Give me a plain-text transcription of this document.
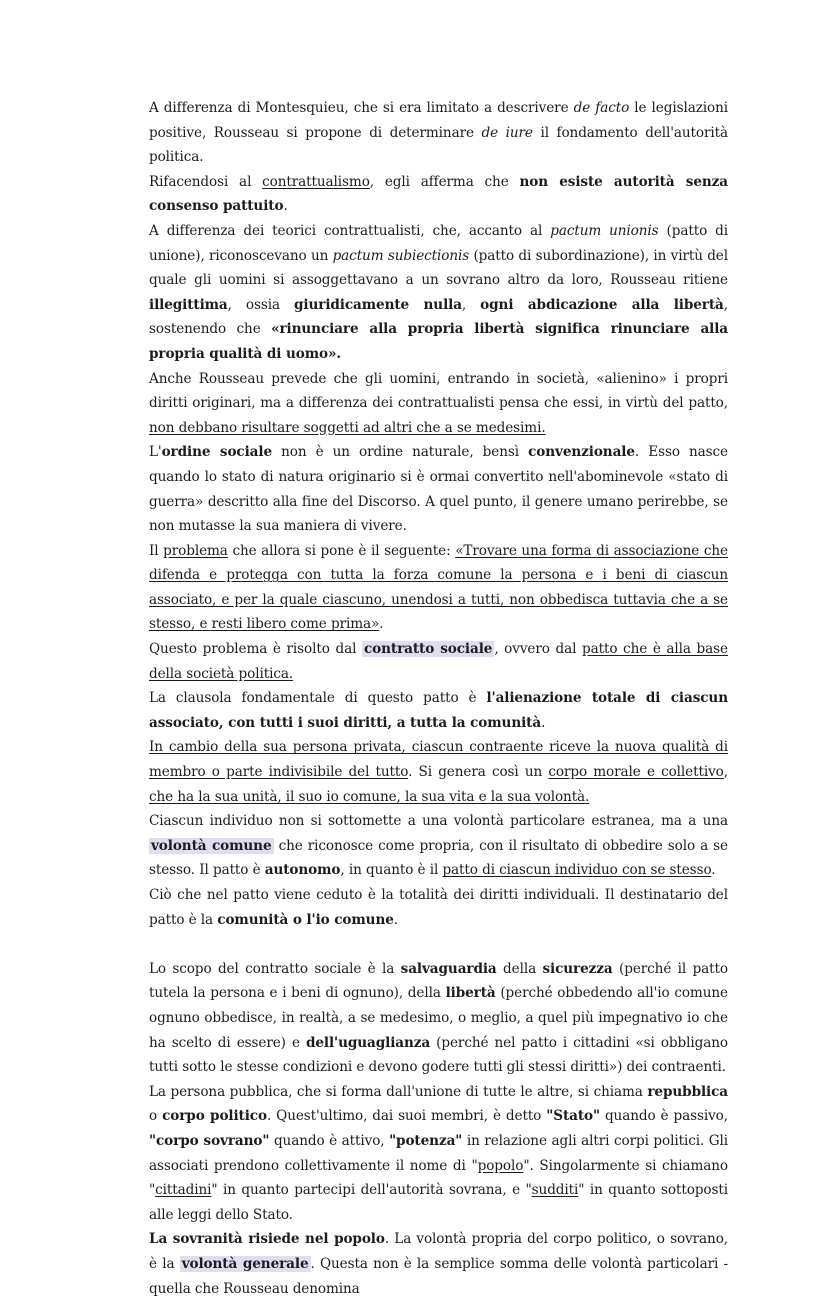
A differenza di Montesquieu, che si era limitato a descrivere de facto le legislazioni positive, Rousseau si propone di determinare de iure il fondamento dell'autorità politica.

Rifacendosi al contrattualismo, egli afferma che non esiste autorità senza consenso pattuito.

A differenza dei teorici contrattualisti, che, accanto al pactum unionis (patto di unione), riconoscevano un pactum subiectionis (patto di subordinazione), in virtù del quale gli uomini si assoggettavano a un sovrano altro da loro, Rousseau ritiene illegittima, ossia giuridicamente nulla, ogni abdicazione alla libertà, sostenendo che «rinunciare alla propria libertà significa rinunciare alla propria qualità di uomo».

Anche Rousseau prevede che gli uomini, entrando in società, «alienino» i propri diritti originari, ma a differenza dei contrattualisti pensa che essi, in virtù del patto, non debbano risultare soggetti ad altri che a se medesimi.

L'ordine sociale non è un ordine naturale, bensì convenzionale. Esso nasce quando lo stato di natura originario si è ormai convertito nell'abominevole «stato di guerra» descritto alla fine del Discorso. A quel punto, il genere umano perirebbe, se non mutasse la sua maniera di vivere.

Il problema che allora si pone è il seguente: «Trovare una forma di associazione che difenda e protegga con tutta la forza comune la persona e i beni di ciascun associato, e per la quale ciascuno, unendosi a tutti, non obbedisca tuttavia che a se stesso, e resti libero come prima».

Questo problema è risolto dal contratto sociale , ovvero dal patto che è alla base della società politica.

La clausola fondamentale di questo patto è l'alienazione totale di ciascun associato, con tutti i suoi diritti, a tutta la comunità.

In cambio della sua persona privata, ciascun contraente riceve la nuova qualità di membro o parte indivisibile del tutto. Si genera così un corpo morale e collettivo, che ha la sua unità, il suo io comune, la sua vita e la sua volontà.

Ciascun individuo non si sottomette a una volontà particolare estranea, ma a una volontà comune che riconosce come propria, con il risultato di obbedire solo a se stesso. Il patto è autonomo, in quanto è il patto di ciascun individuo con se stesso.

Ciò che nel patto viene ceduto è la totalità dei diritti individuali. Il destinatario del patto è la comunità o l'io comune.

Lo scopo del contratto sociale è la salvaguardia della sicurezza (perché il patto tutela la persona e i beni di ognuno), della libertà (perché obbedendo all'io comune ognuno obbedisce, in realtà, a se medesimo, o meglio, a quel più impegnativo io che ha scelto di essere) e dell'uguaglianza (perché nel patto i cittadini «si obbligano tutti sotto le stesse condizioni e devono godere tutti gli stessi diritti») dei contraenti.

La persona pubblica, che si forma dall'unione di tutte le altre, si chiama repubblica o corpo politico. Quest'ultimo, dai suoi membri, è detto "Stato" quando è passivo, "corpo sovrano" quando è attivo, "potenza" in relazione agli altri corpi politici. Gli associati prendono collettivamente il nome di "popolo". Singolarmente si chiamano "cittadini" in quanto partecipi dell'autorità sovrana, e "sudditi" in quanto sottoposti alle leggi dello Stato.

La sovranità risiede nel popolo. La volontà propria del corpo politico, o sovrano, è la volontà generale . Questa non è la semplice somma delle volontà particolari - quella che Rousseau denomina
